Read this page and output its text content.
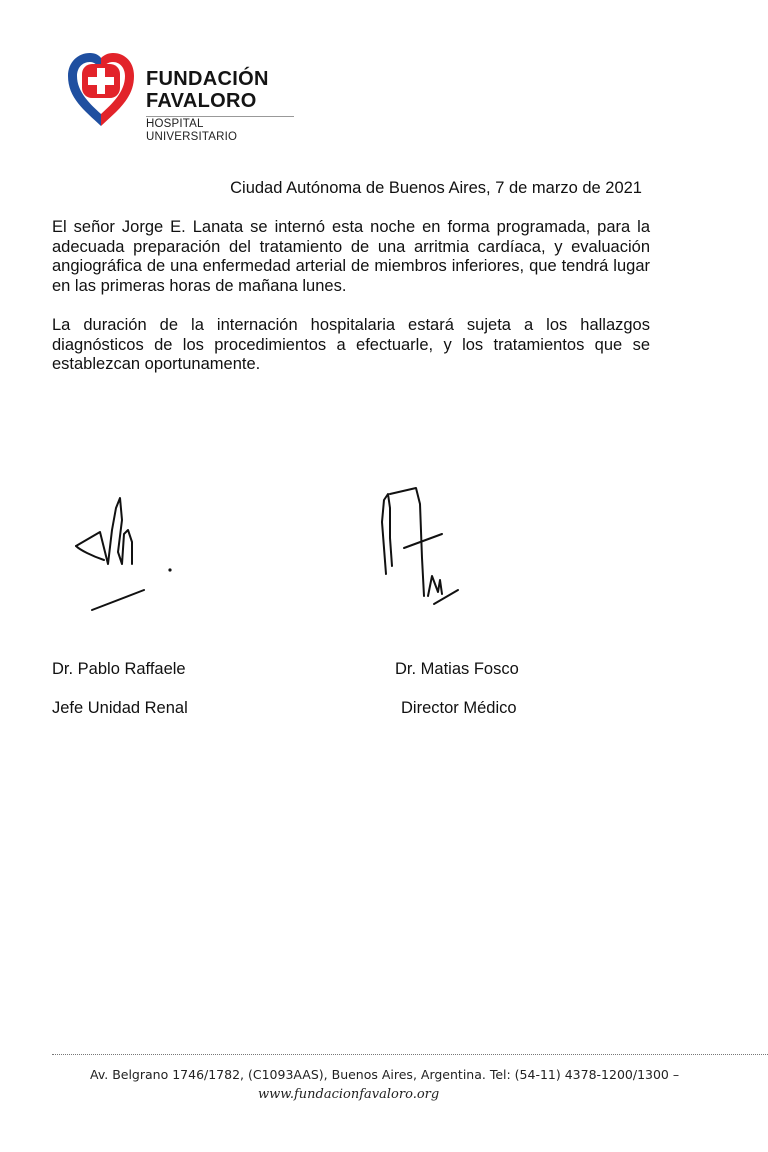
FUNDACIÓN
FAVALORO
HOSPITAL UNIVERSITARIO
Ciudad Autónoma de Buenos Aires, 7 de marzo de 2021

El señor Jorge E. Lanata se internó esta noche en forma programada, para la adecuada preparación del tratamiento de una arritmia cardíaca, y evaluación angiográfica de una enfermedad arterial de miembros inferiores, que tendrá lugar en las primeras horas de mañana lunes.

La duración de la internación hospitalaria estará sujeta a los hallazgos diagnósticos de los procedimientos a efectuarle, y los tratamientos que se establezcan oportunamente.

Dr. Pablo Raffaele
Jefe Unidad Renal
Dr. Matias Fosco
Director Médico
Av. Belgrano 1746/1782, (C1093AAS), Buenos Aires, Argentina. Tel: (54-11) 4378-1200/1300 –
www.fundacionfavaloro.org
